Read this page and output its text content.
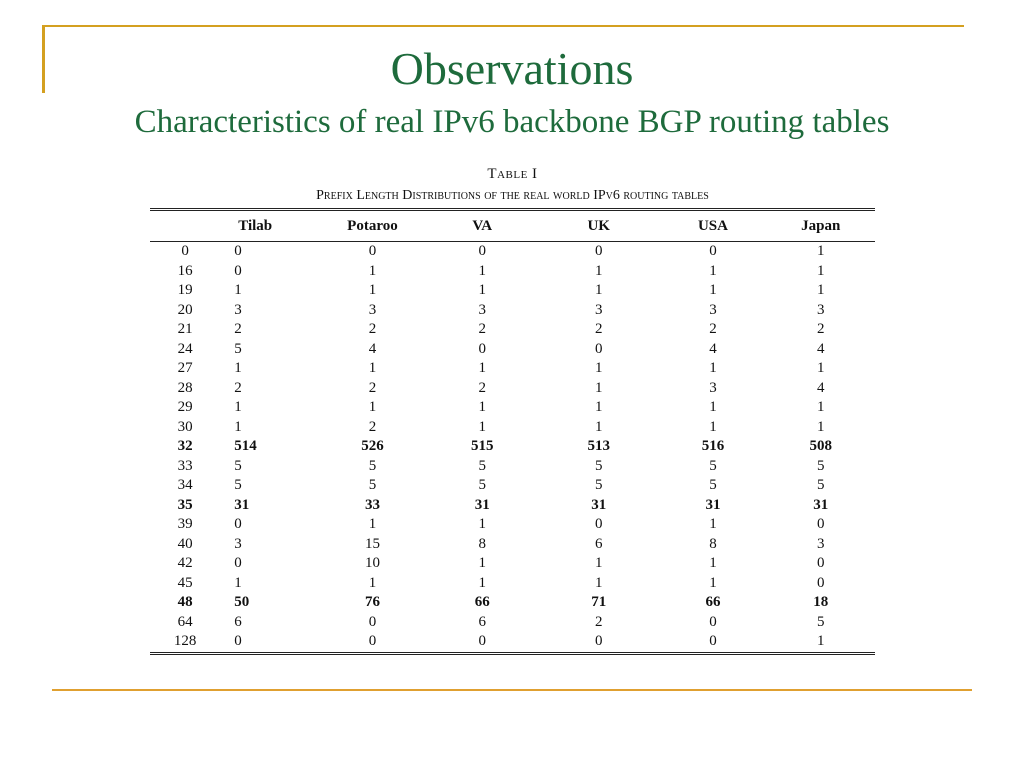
Observations
Characteristics of real IPv6 backbone BGP routing tables
Table I
Prefix Length Distributions of the real world IPv6 routing tables
	Tilab	Potaroo	VA	UK	USA	Japan
0	0	0	0	0	0	1
16	0	1	1	1	1	1
19	1	1	1	1	1	1
20	3	3	3	3	3	3
21	2	2	2	2	2	2
24	5	4	0	0	4	4
27	1	1	1	1	1	1
28	2	2	2	1	3	4
29	1	1	1	1	1	1
30	1	2	1	1	1	1
32	514	526	515	513	516	508
33	5	5	5	5	5	5
34	5	5	5	5	5	5
35	31	33	31	31	31	31
39	0	1	1	0	1	0
40	3	15	8	6	8	3
42	0	10	1	1	1	0
45	1	1	1	1	1	0
48	50	76	66	71	66	18
64	6	0	6	2	0	5
128	0	0	0	0	0	1
